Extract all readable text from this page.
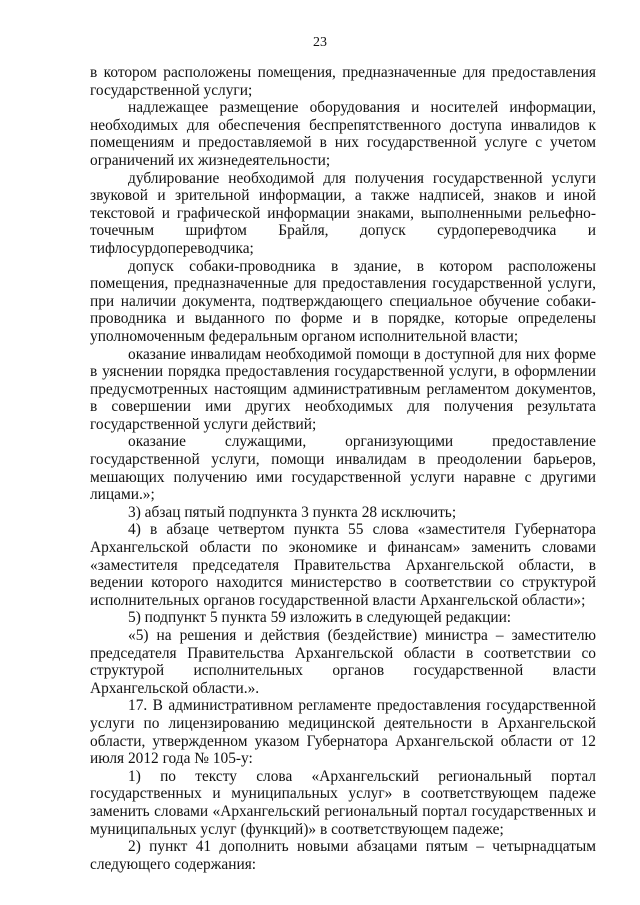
23

в котором расположены помещения, предназначенные для предоставления государственной услуги;

надлежащее размещение оборудования и носителей информации, необходимых для обеспечения беспрепятственного доступа инвалидов к помещениям и предоставляемой в них государственной услуге с учетом ограничений их жизнедеятельности;

дублирование необходимой для получения государственной услуги звуковой и зрительной информации, а также надписей, знаков и иной текстовой и графической информации знаками, выполненными рельефно-точечным шрифтом Брайля, допуск сурдопереводчика и тифлосурдопереводчика;

допуск собаки-проводника в здание, в котором расположены помещения, предназначенные для предоставления государственной услуги, при наличии документа, подтверждающего специальное обучение собаки-проводника и выданного по форме и в порядке, которые определены уполномоченным федеральным органом исполнительной власти;

оказание инвалидам необходимой помощи в доступной для них форме в уяснении порядка предоставления государственной услуги, в оформлении предусмотренных настоящим административным регламентом документов, в совершении ими других необходимых для получения результата государственной услуги действий;

оказание служащими, организующими предоставление государственной услуги, помощи инвалидам в преодолении барьеров, мешающих получению ими государственной услуги наравне с другими лицами.»;

3) абзац пятый подпункта 3 пункта 28 исключить;

4) в абзаце четвертом пункта 55 слова «заместителя Губернатора Архангельской области по экономике и финансам» заменить словами «заместителя председателя Правительства Архангельской области, в ведении которого находится министерство в соответствии со структурой исполнительных органов государственной власти Архангельской области»;

5) подпункт 5 пункта 59 изложить в следующей редакции:

«5) на решения и действия (бездействие) министра – заместителю председателя Правительства Архангельской области в соответствии со структурой исполнительных органов государственной власти Архангельской области.».

17. В административном регламенте предоставления государственной услуги по лицензированию медицинской деятельности в Архангельской области, утвержденном указом Губернатора Архангельской области от 12 июля 2012 года № 105-у:

1) по тексту слова «Архангельский региональный портал государственных и муниципальных услуг» в соответствующем падеже заменить словами «Архангельский региональный портал государственных и муниципальных услуг (функций)» в соответствующем падеже;

2) пункт 41 дополнить новыми абзацами пятым – четырнадцатым следующего содержания:
